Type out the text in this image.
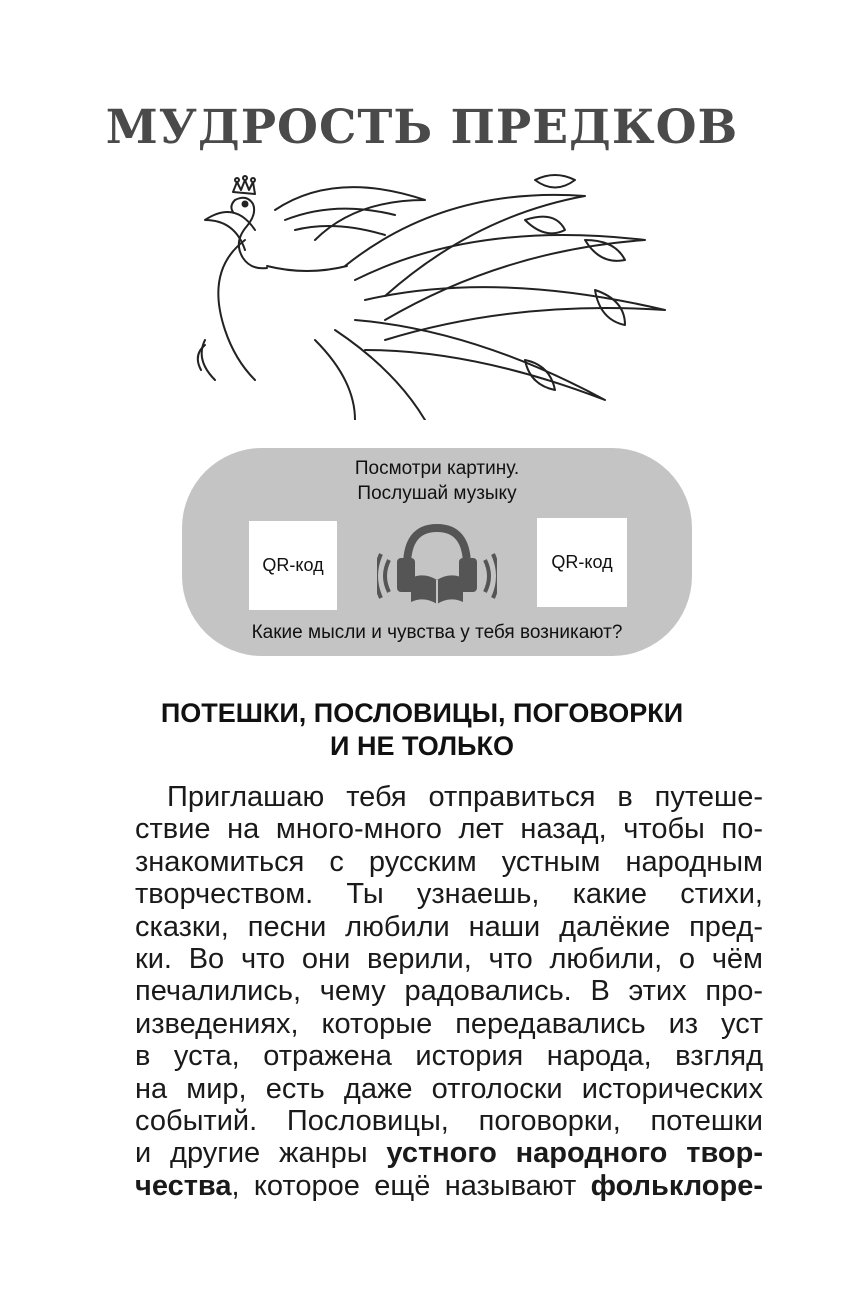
МУДРОСТЬ ПРЕДКОВ
Посмотри картину.
Послушай музыку
QR-код	QR-код
Какие мысли и чувства у тебя возникают?
ПОТЕШКИ, ПОСЛОВИЦЫ, ПОГОВОРКИ
И НЕ ТОЛЬКО
Приглашаю тебя отправиться в путеше-
ствие на много-много лет назад, чтобы по-
знакомиться с русским устным народным
творчеством. Ты узнаешь, какие стихи,
сказки, песни любили наши далёкие пред-
ки. Во что они верили, что любили, о чём
печалились, чему радовались. В этих про-
изведениях, которые передавались из уст
в уста, отражена история народа, взгляд
на мир, есть даже отголоски исторических
событий. Пословицы, поговорки, потешки
и другие жанры устного народного твор-
чества, которое ещё называют фольклоре-
